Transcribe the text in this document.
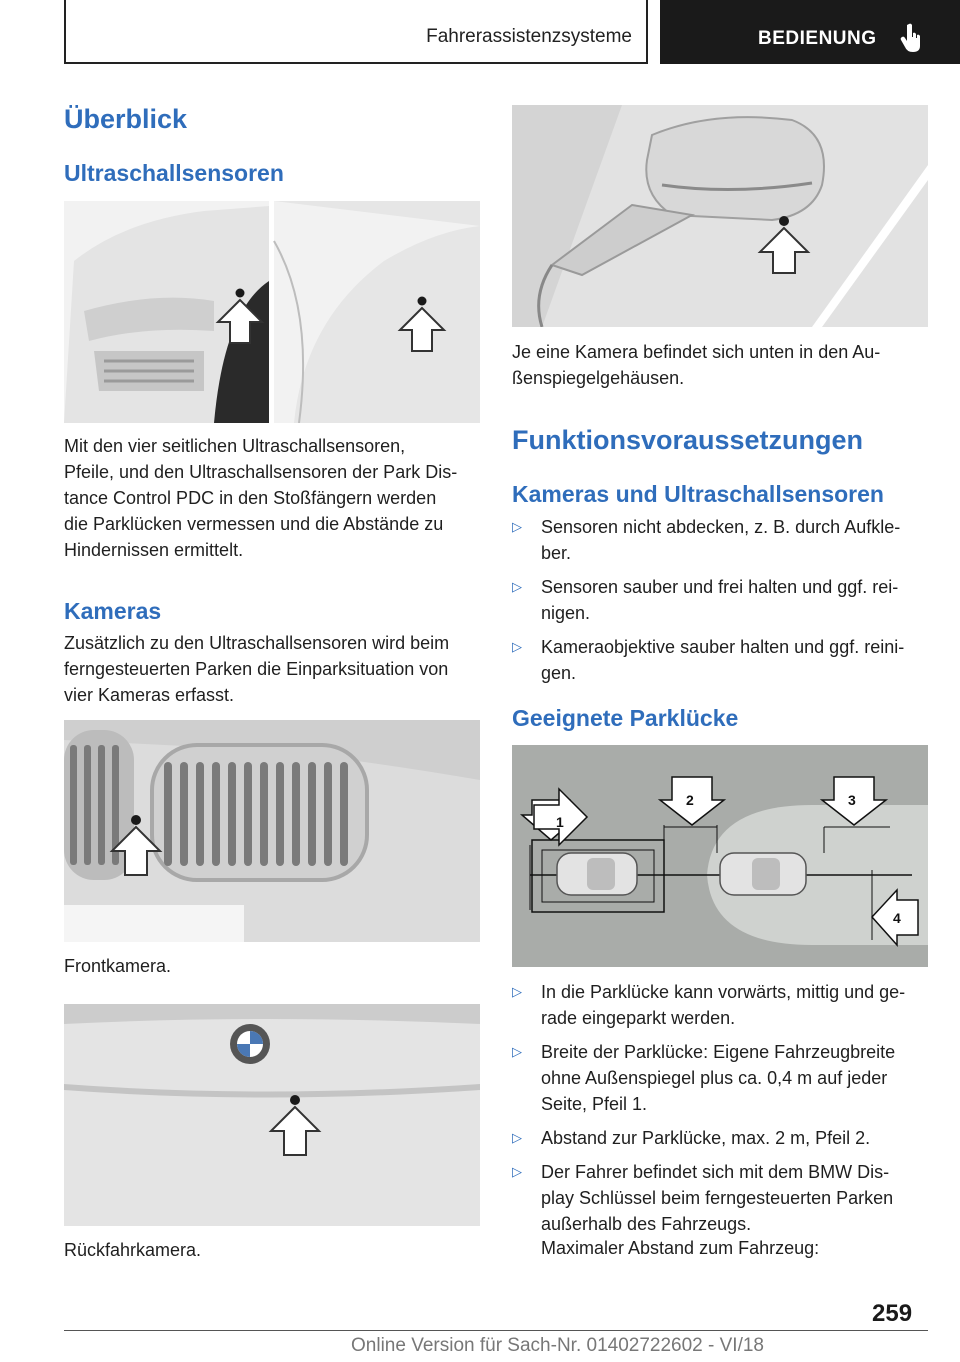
Fahrerassistenzsysteme	BEDIENUNG
Überblick
Ultraschallsensoren
Mit den vier seitlichen Ultraschallsensoren,
Pfeile, und den Ultraschallsensoren der Park Dis‐
tance Control PDC in den Stoßfängern werden
die Parklücken vermessen und die Abstände zu
Hindernissen ermittelt.
Kameras
Zusätzlich zu den Ultraschallsensoren wird beim
ferngesteuerten Parken die Einparksituation von
vier Kameras erfasst.
Frontkamera.
Rückfahrkamera.
Je eine Kamera befindet sich unten in den Au‐
ßenspiegelgehäusen.
Funktionsvoraussetzungen
Kameras und Ultraschallsensoren
▷ Sensoren nicht abdecken, z. B. durch Aufkle‐
ber.
▷ Sensoren sauber und frei halten und ggf. rei‐
nigen.
▷ Kameraobjektive sauber halten und ggf. reini‐
gen.
Geeignete Parklücke
1
2	3
4
▷ In die Parklücke kann vorwärts, mittig und ge‐
rade eingeparkt werden.
▷ Breite der Parklücke: Eigene Fahrzeugbreite
ohne Außenspiegel plus ca. 0,4 m auf jeder
Seite, Pfeil 1.
▷ Abstand zur Parklücke, max. 2 m, Pfeil 2.
▷ Der Fahrer befindet sich mit dem BMW Dis‐
play Schlüssel beim ferngesteuerten Parken
außerhalb des Fahrzeugs.
Maximaler Abstand zum Fahrzeug:
259
Online Version für Sach-Nr. 01402722602 - VI/18
